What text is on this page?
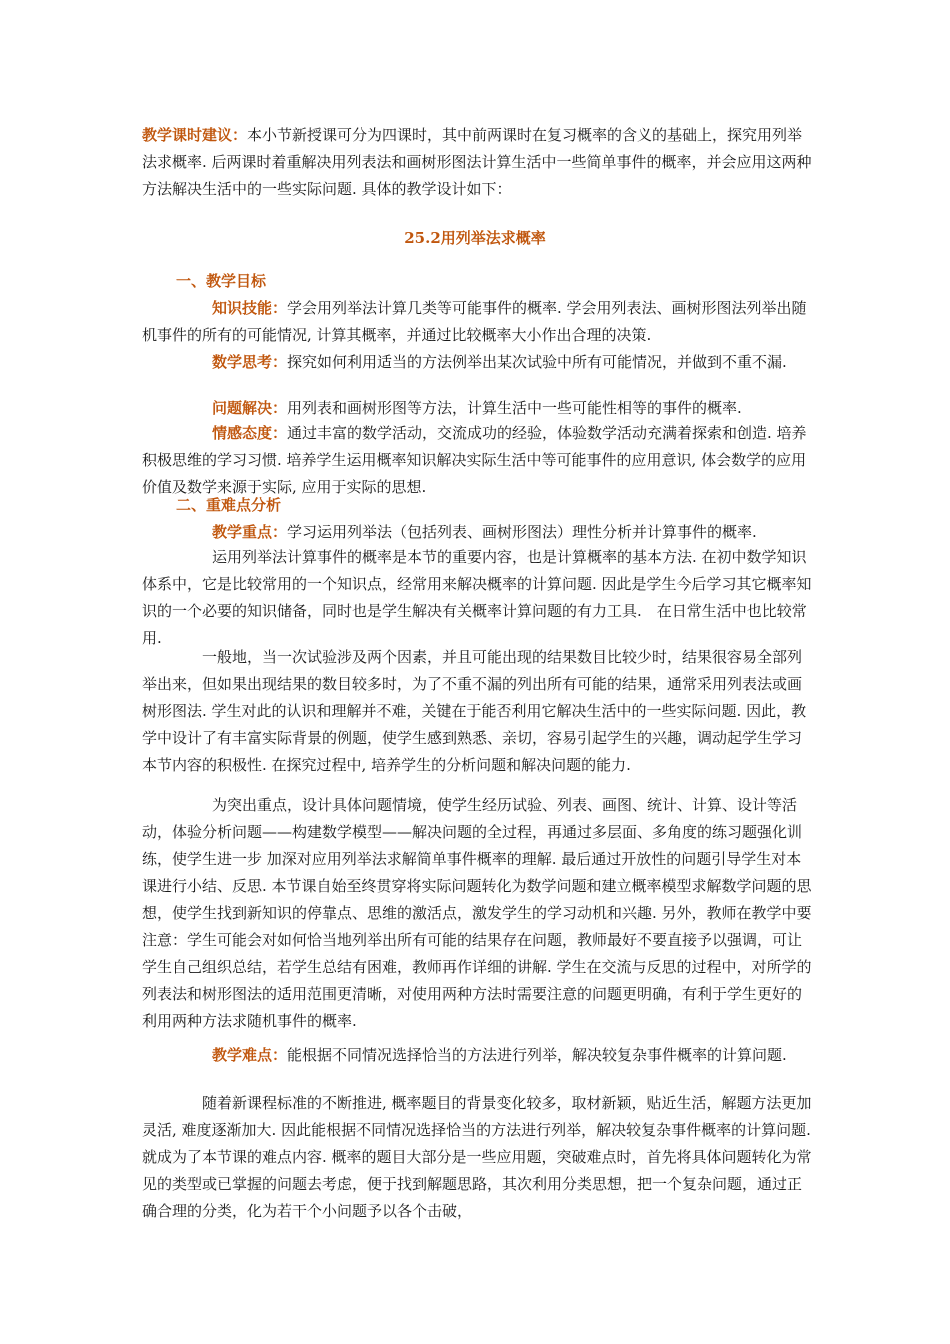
教学课时建议：本小节新授课可分为四课时，其中前两课时在复习概率的含义的基础上，探究用列举法求概率. 后两课时着重解决用列表法和画树形图法计算生活中一些简单事件的概率，并会应用这两种方法解决生活中的一些实际问题. 具体的教学设计如下：

25.2用列举法求概率
一、教学目标

知识技能：学会用列举法计算几类等可能事件的概率. 学会用列表法、画树形图法列举出随机事件的所有的可能情况, 计算其概率，并通过比较概率大小作出合理的决策.

数学思考：探究如何利用适当的方法例举出某次试验中所有可能情况，并做到不重不漏.

问题解决：用列表和画树形图等方法，计算生活中一些可能性相等的事件的概率.

情感态度：通过丰富的数学活动，交流成功的经验，体验数学活动充满着探索和创造. 培养积极思维的学习习惯. 培养学生运用概率知识解决实际生活中等可能事件的应用意识, 体会数学的应用价值及数学来源于实际, 应用于实际的思想.

二、重难点分析

教学重点：学习运用列举法（包括列表、画树形图法）理性分析并计算事件的概率.

运用列举法计算事件的概率是本节的重要内容，也是计算概率的基本方法. 在初中数学知识体系中，它是比较常用的一个知识点，经常用来解决概率的计算问题. 因此是学生今后学习其它概率知识的一个必要的知识储备，同时也是学生解决有关概率计算问题的有力工具.　在日常生活中也比较常用.

一般地，当一次试验涉及两个因素，并且可能出现的结果数目比较少时，结果很容易全部列举出来，但如果出现结果的数目较多时，为了不重不漏的列出所有可能的结果，通常采用列表法或画树形图法. 学生对此的认识和理解并不难，关键在于能否利用它解决生活中的一些实际问题. 因此，教学中设计了有丰富实际背景的例题，使学生感到熟悉、亲切，容易引起学生的兴趣，调动起学生学习本节内容的积极性. 在探究过程中, 培养学生的分析问题和解决问题的能力.

为突出重点，设计具体问题情境，使学生经历试验、列表、画图、统计、计算、设计等活动，体验分析问题——构建数学模型——解决问题的全过程，再通过多层面、多角度的练习题强化训练，使学生进一步 加深对应用列举法求解简单事件概率的理解. 最后通过开放性的问题引导学生对本课进行小结、反思. 本节课自始至终贯穿将实际问题转化为数学问题和建立概率模型求解数学问题的思想，使学生找到新知识的停靠点、思维的激活点，激发学生的学习动机和兴趣. 另外，教师在教学中要注意：学生可能会对如何恰当地列举出所有可能的结果存在问题，教师最好不要直接予以强调，可让学生自己组织总结，若学生总结有困难，教师再作详细的讲解. 学生在交流与反思的过程中，对所学的列表法和树形图法的适用范围更清晰，对使用两种方法时需要注意的问题更明确，有利于学生更好的利用两种方法求随机事件的概率.

教学难点：能根据不同情况选择恰当的方法进行列举，解决较复杂事件概率的计算问题.

随着新课程标准的不断推进, 概率题目的背景变化较多，取材新颖，贴近生活，解题方法更加灵活, 难度逐渐加大. 因此能根据不同情况选择恰当的方法进行列举，解决较复杂事件概率的计算问题. 就成为了本节课的难点内容. 概率的题目大部分是一些应用题，突破难点时，首先将具体问题转化为常见的类型或已掌握的问题去考虑，便于找到解题思路，其次利用分类思想，把一个复杂问题，通过正确合理的分类，化为若干个小问题予以各个击破，
